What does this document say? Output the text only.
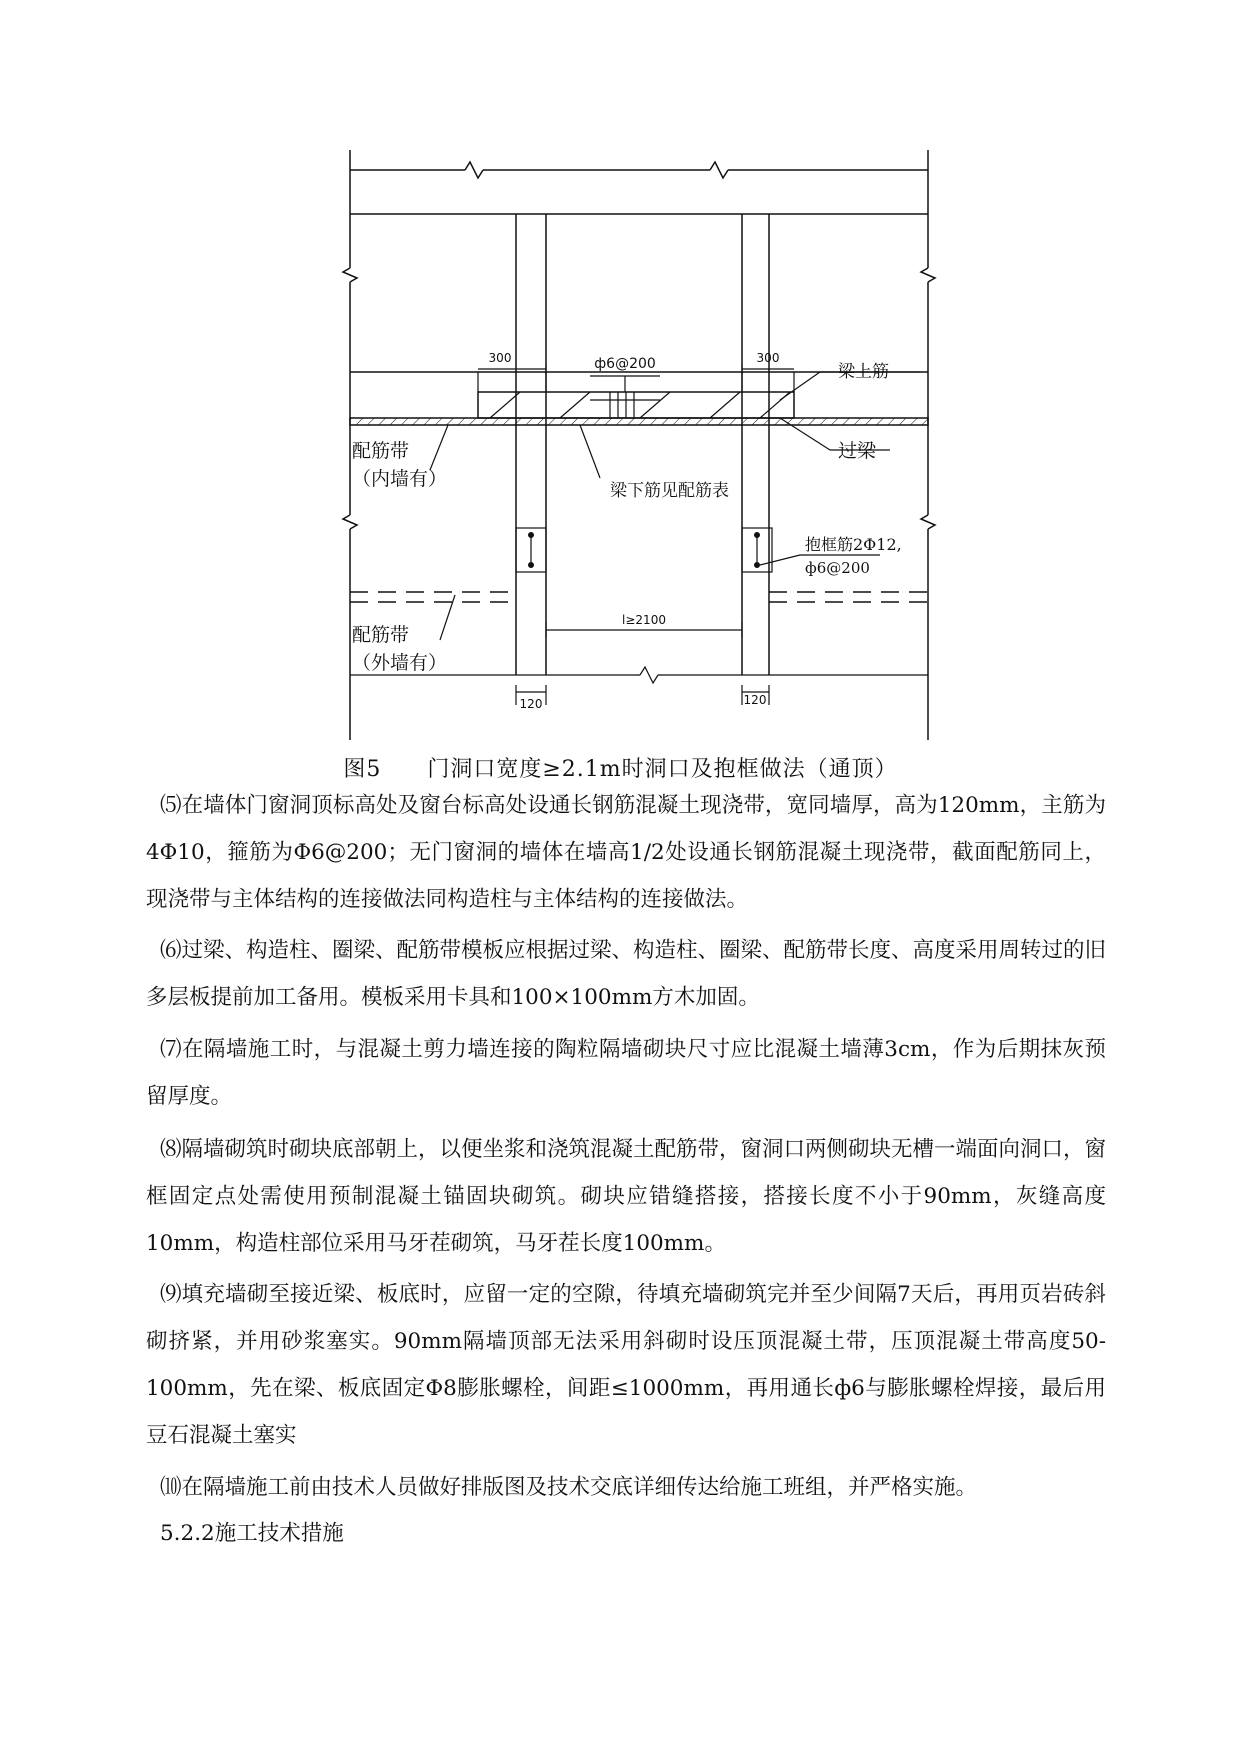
300	300
ф6@200	梁上筋
过梁
配筋带
（内墙有）
梁下筋见配筋表
抱框筋2Φ12,
ф6@200
l≥2100
配筋带
（外墙有）
120	120
图5　　门洞口宽度≥2.1m时洞口及抱框做法（通顶）

⑸在墙体门窗洞顶标高处及窗台标高处设通长钢筋混凝土现浇带，宽同墙厚，高为120mm，主筋为4Φ10，箍筋为Φ6@200；无门窗洞的墙体在墙高1/2处设通长钢筋混凝土现浇带，截面配筋同上，现浇带与主体结构的连接做法同构造柱与主体结构的连接做法。

⑹过梁、构造柱、圈梁、配筋带模板应根据过梁、构造柱、圈梁、配筋带长度、高度采用周转过的旧多层板提前加工备用。模板采用卡具和100×100mm方木加固。

⑺在隔墙施工时，与混凝土剪力墙连接的陶粒隔墙砌块尺寸应比混凝土墙薄3cm，作为后期抹灰预留厚度。

⑻隔墙砌筑时砌块底部朝上，以便坐浆和浇筑混凝土配筋带，窗洞口两侧砌块无槽一端面向洞口，窗框固定点处需使用预制混凝土锚固块砌筑。砌块应错缝搭接，搭接长度不小于90mm，灰缝高度10mm，构造柱部位采用马牙茬砌筑，马牙茬长度100mm。

⑼填充墙砌至接近梁、板底时，应留一定的空隙，待填充墙砌筑完并至少间隔7天后，再用页岩砖斜砌挤紧，并用砂浆塞实。90mm隔墙顶部无法采用斜砌时设压顶混凝土带，压顶混凝土带高度50-100mm，先在梁、板底固定Φ8膨胀螺栓，间距≤1000mm，再用通长ф6与膨胀螺栓焊接，最后用豆石混凝土塞实

⑽在隔墙施工前由技术人员做好排版图及技术交底详细传达给施工班组，并严格实施。

5.2.2施工技术措施
